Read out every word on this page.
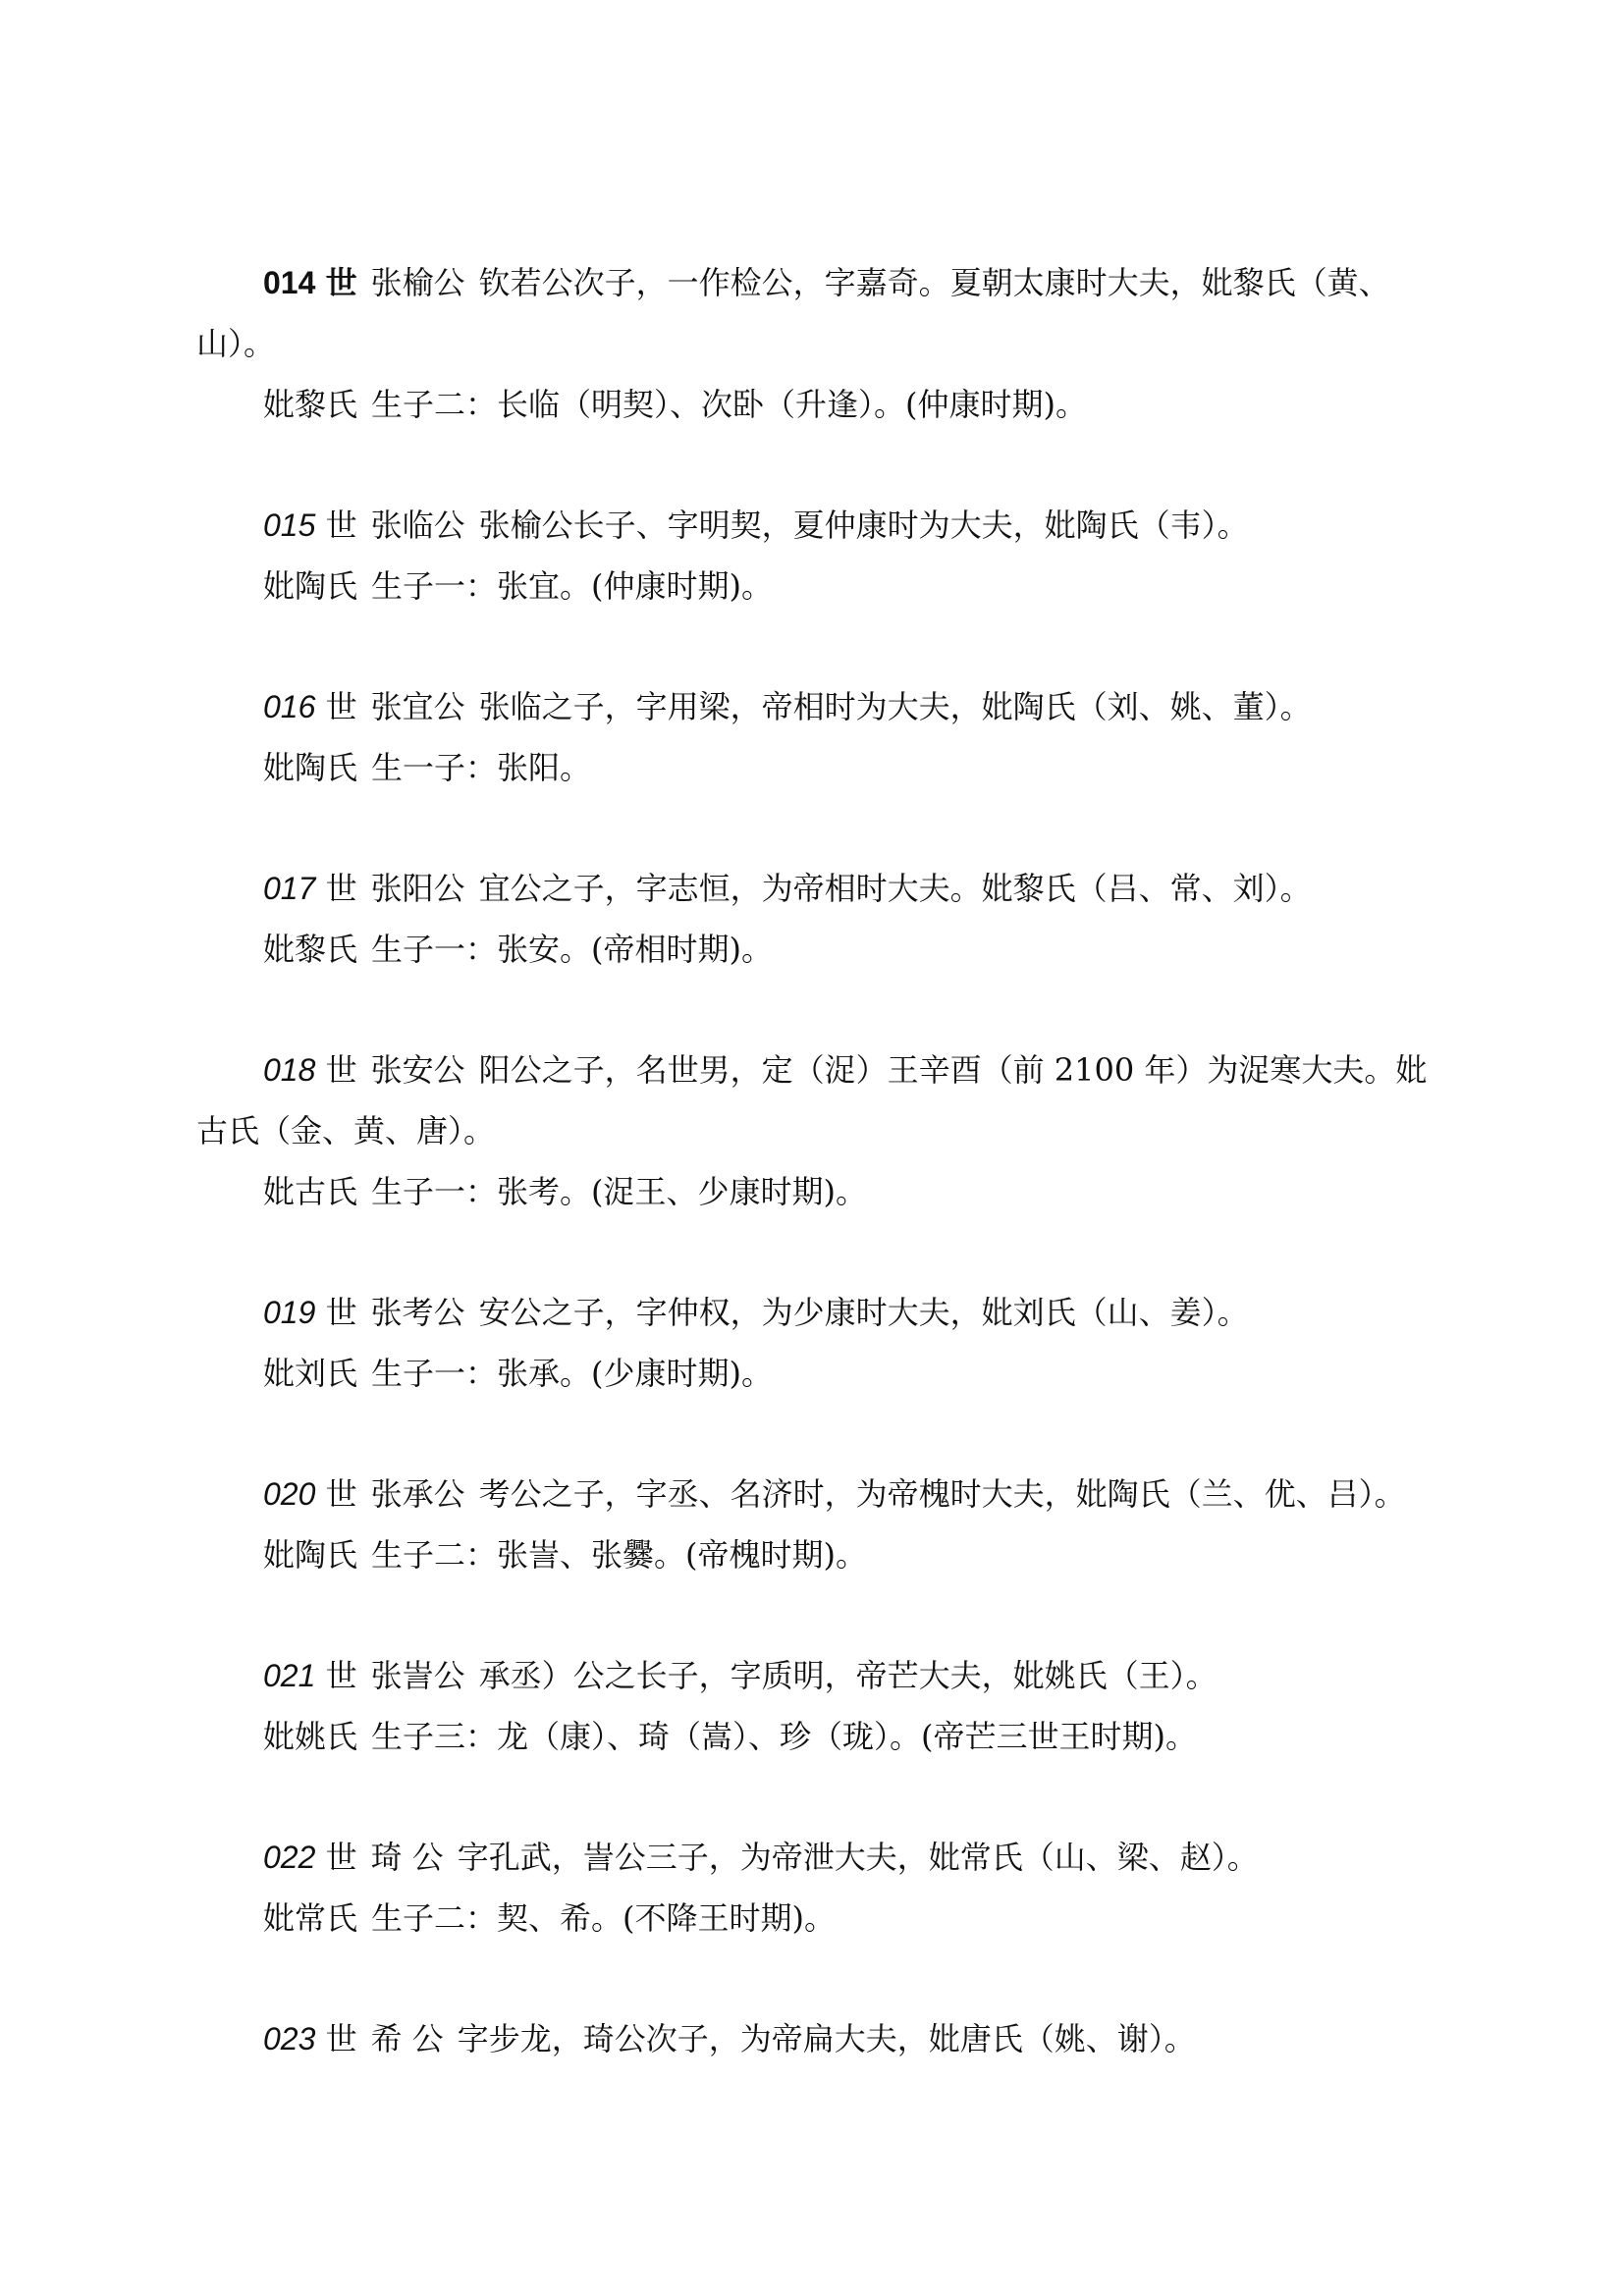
014 世 张榆公 钦若公次子，一作检公，字嘉奇。夏朝太康时大夫，妣黎氏（黄、
山）。
妣黎氏 生子二：长临（明契）、次卧（升逢）。(仲康时期)。
015 世 张临公 张榆公长子、字明契，夏仲康时为大夫，妣陶氏（韦）。
妣陶氏 生子一：张宜。(仲康时期)。
016 世 张宜公 张临之子，字用梁，帝相时为大夫，妣陶氏（刘、姚、董）。
妣陶氏 生一子：张阳。
017 世 张阳公 宜公之子，字志恒，为帝相时大夫。妣黎氏（吕、常、刘）。
妣黎氏 生子一：张安。(帝相时期)。
018 世 张安公 阳公之子，名世男，定（浞）王辛酉（前 2100 年）为浞寒大夫。妣
古氏（金、黄、唐）。
妣古氏 生子一：张考。(浞王、少康时期)。
019 世 张考公 安公之子，字仲权，为少康时大夫，妣刘氏（山、姜）。
妣刘氏 生子一：张承。(少康时期)。
020 世 张承公 考公之子，字丞、名济时，为帝槐时大夫，妣陶氏（兰、优、吕）。
妣陶氏 生子二：张訔、张爨。(帝槐时期)。
021 世 张訔公 承丞）公之长子，字质明，帝芒大夫，妣姚氏（王）。
妣姚氏 生子三：龙（康）、琦（嵩）、珍（珑）。(帝芒三世王时期)。
022 世 琦 公 字孔武，訔公三子，为帝泄大夫，妣常氏（山、梁、赵）。
妣常氏 生子二：契、希。(不降王时期)。
023 世 希 公 字步龙，琦公次子，为帝扁大夫，妣唐氏（姚、谢）。
